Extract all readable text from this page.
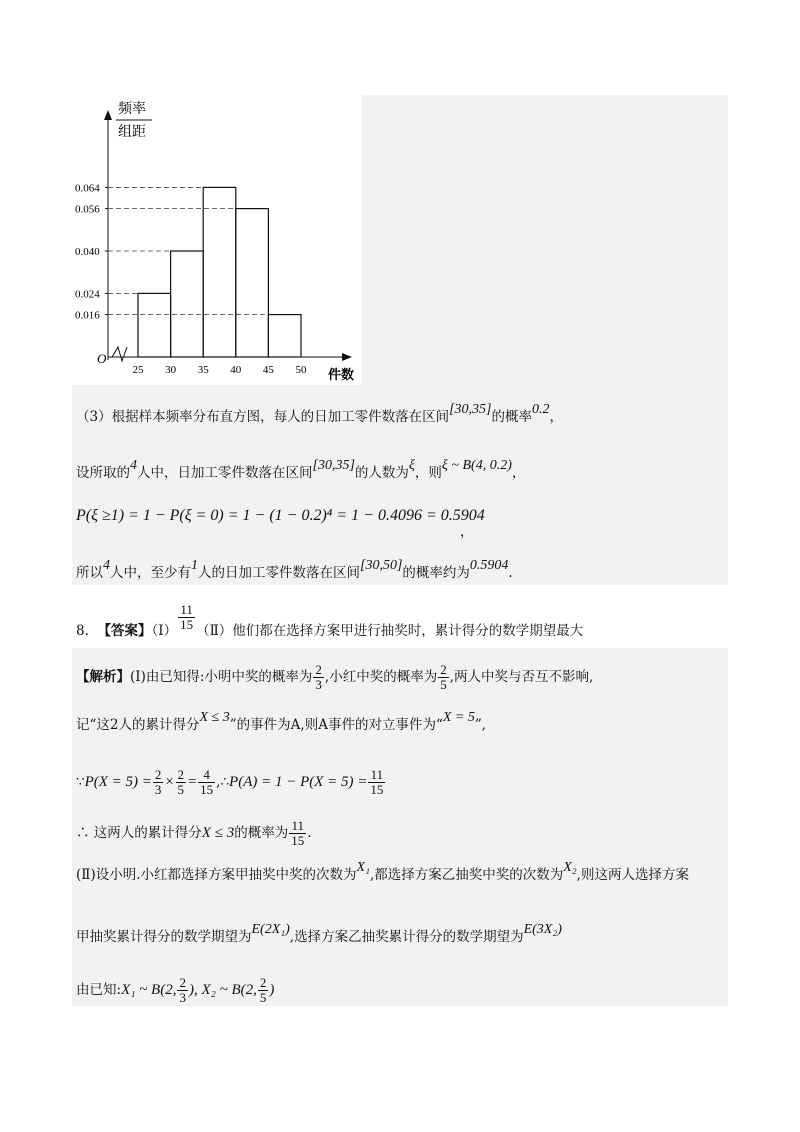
频率
组距
O
件数
0.064
0.056
0.040
0.024
0.016
25 30 35 40 45 50
（3）根据样本频率分布直方图，每人的日加工零件数落在区间[30,35]的概率0.2，
设所取的4人中，日加工零件数落在区间[30,35]的人数为ξ，则ξ ~ B(4, 0.2)，
P(ξ ≥1) = 1 − P(ξ = 0) = 1 − (1 − 0.2)⁴ = 1 − 0.4096 = 0.5904
，
所以4人中，至少有1人的日加工零件数落在区间[30,50]的概率约为0.5904.
8. 【答案】（Ⅰ） $\frac{11}{15}$ （Ⅱ）他们都在选择方案甲进行抽奖时，累计得分的数学期望最大
【解析】(Ⅰ)由已知得:小明中奖的概率为 $\frac{2}{3}$ ,小红中奖的概率为 $\frac{2}{5}$ ,两人中奖与否互不影响,
记“这2人的累计得分X ≤ 3”的事件为A,则A事件的对立事件为“X = 5”,
∵P(X = $5) = \frac{2}{3} \times \frac{2}{5} = \frac{4}{15}$ ,∴P(A) = $1 - P(X = 5) = \frac{11}{15}$
∴ 这两人的累计得分X ≤ 3的概率为 $\frac{11}{15}$ .
(Ⅱ)设小明.小红都选择方案甲抽奖中奖的次数为X₁,都选择方案乙抽奖中奖的次数为X₂,则这两人选择方案
甲抽奖累计得分的数学期望为E(2X₁),选择方案乙抽奖累计得分的数学期望为E(3X₂)
由已知:X₁ ~ B(2, $\frac{2}{3}$ ), X₂ ~ B(2, $\frac{2}{5}$ )
